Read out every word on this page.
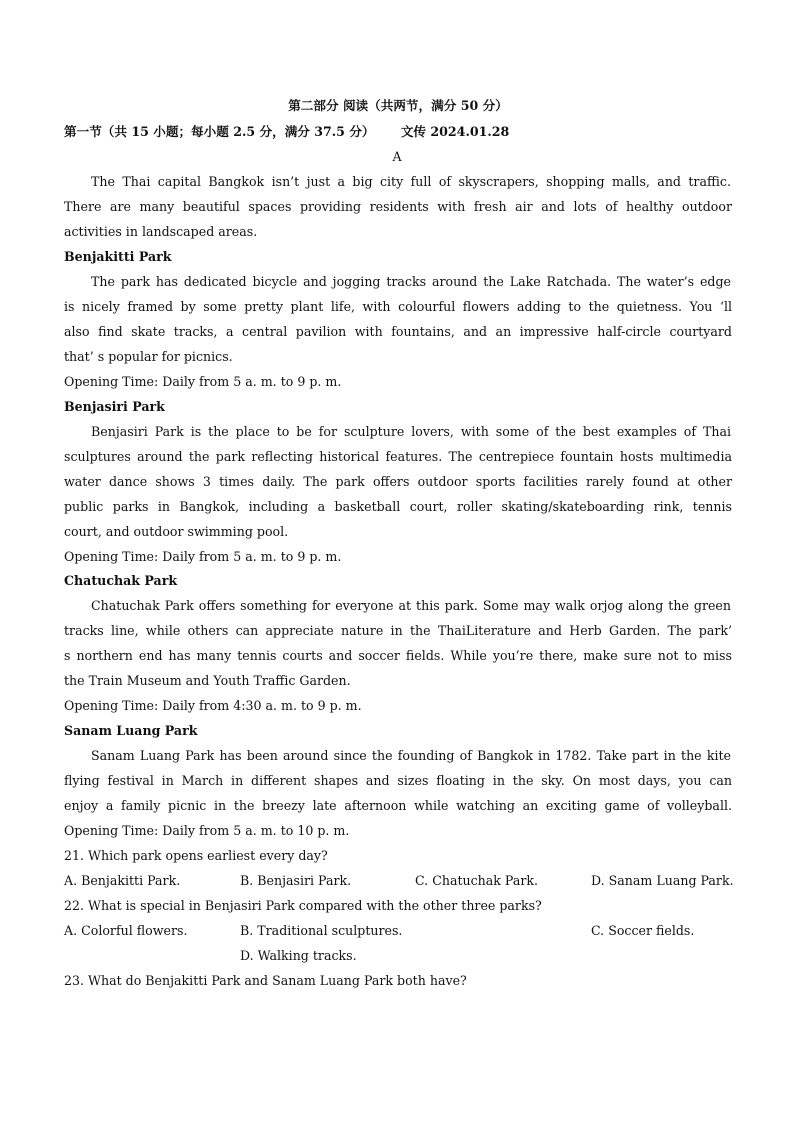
第二部分 阅读（共两节，满分 50 分）
第一节（共 15 小题；每小题 2.5 分，满分 37.5 分）      文传 2024.01.28
A
The Thai capital Bangkok isn’t just a big city full of skyscrapers, shopping malls, and traffic.
There are many beautiful spaces providing residents with fresh air and lots of healthy outdoor
activities in landscaped areas.
Benjakitti Park
The park has dedicated bicycle and jogging tracks around the Lake Ratchada. The water’s edge
is nicely framed by some pretty plant life, with colourful flowers adding to the quietness. You ‘ll
also find skate tracks, a central pavilion with fountains, and an impressive half-circle courtyard
that’ s popular for picnics.
Opening Time: Daily from 5 a. m. to 9 p. m.
Benjasiri Park
Benjasiri Park is the place to be for sculpture lovers, with some of the best examples of Thai
sculptures around the park reflecting historical features. The centrepiece fountain hosts multimedia
water dance shows 3 times daily. The park offers outdoor sports facilities rarely found at other
public parks in Bangkok, including a basketball court, roller skating/skateboarding rink, tennis
court, and outdoor swimming pool.
Opening Time: Daily from 5 a. m. to 9 p. m.
Chatuchak Park
Chatuchak Park offers something for everyone at this park. Some may walk orjog along the green
tracks line, while others can appreciate nature in the ThaiLiterature and Herb Garden. The park’
s northern end has many tennis courts and soccer fields. While you’re there, make sure not to miss
the Train Museum and Youth Traffic Garden.
Opening Time: Daily from 4:30 a. m. to 9 p. m.
Sanam Luang Park
Sanam Luang Park has been around since the founding of Bangkok in 1782. Take part in the kite
flying festival in March in different shapes and sizes floating in the sky. On most days, you can
enjoy a family picnic in the breezy late afternoon while watching an exciting game of volleyball.
Opening Time: Daily from 5 a. m. to 10 p. m.
21. Which park opens earliest every day?
A. Benjakitti Park.	B. Benjasiri Park.	C. Chatuchak Park.	D. Sanam Luang Park.
22. What is special in Benjasiri Park compared with the other three parks?
A. Colorful flowers.	B. Traditional sculptures.	C. Soccer fields.
D. Walking tracks.
23. What do Benjakitti Park and Sanam Luang Park both have?
